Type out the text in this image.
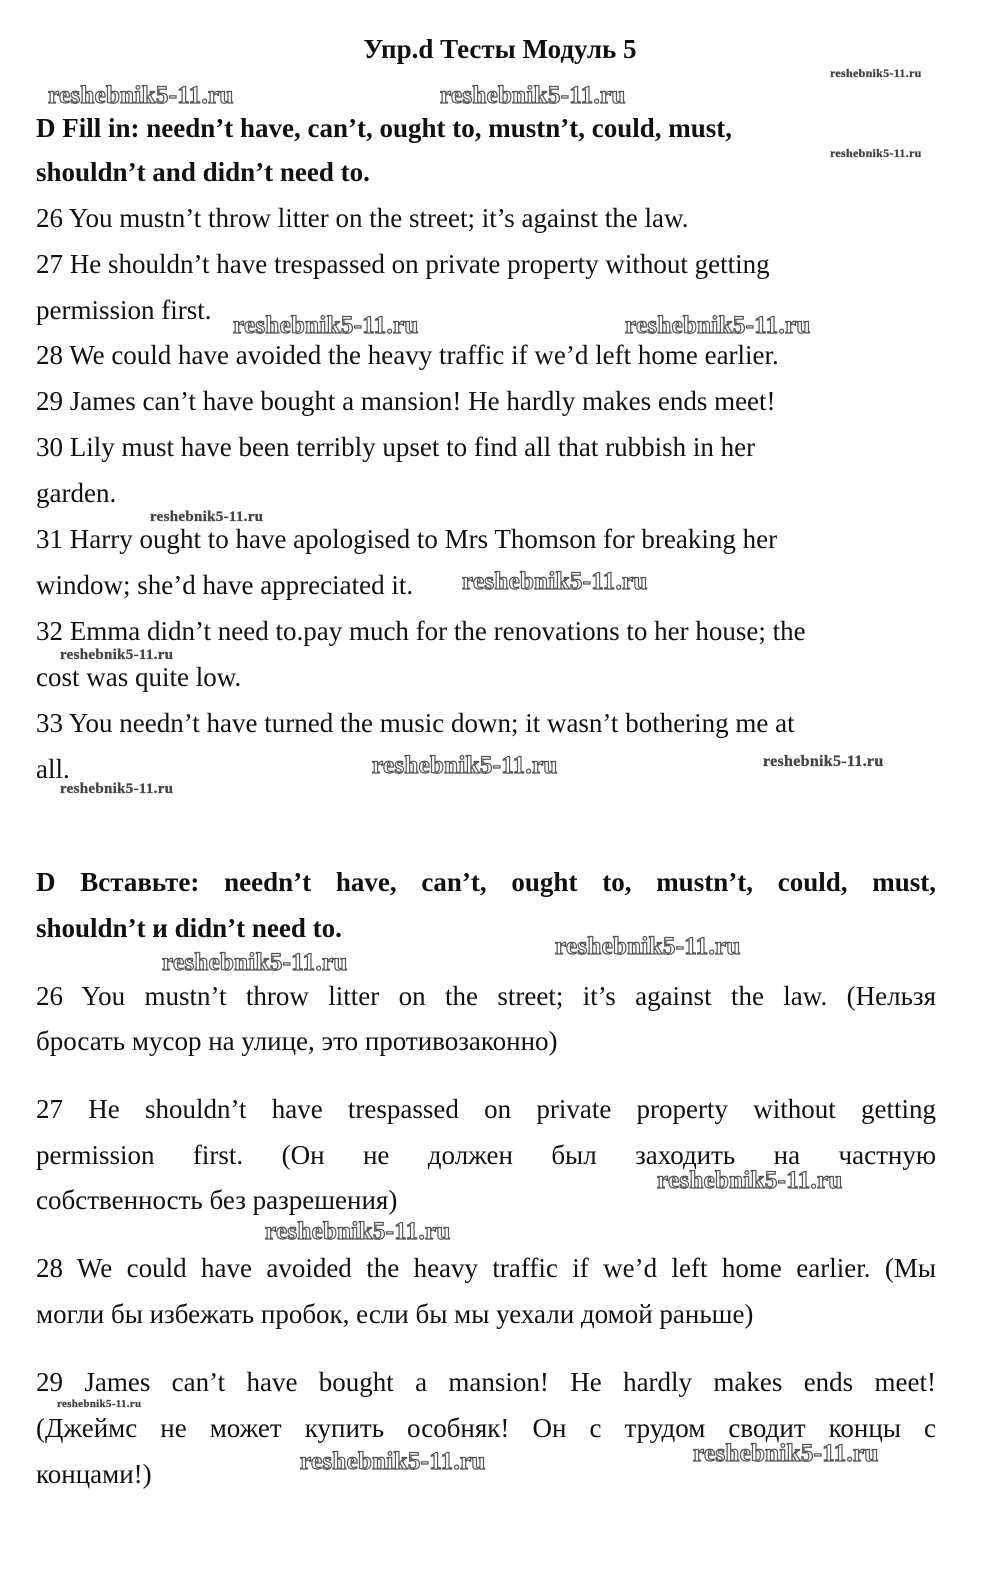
Упр.d Тесты Модуль 5
D Fill in: needn’t have, can’t, ought to, mustn’t, could, must,
shouldn’t and didn’t need to.
26 You mustn’t throw litter on the street; it’s against the law.
27 He shouldn’t have trespassed on private property without getting
permission first.
28 We could have avoided the heavy traffic if we’d left home earlier.
29 James can’t have bought a mansion! He hardly makes ends meet!
30 Lily must have been terribly upset to find all that rubbish in her
garden.
31 Harry ought to have apologised to Mrs Thomson for breaking her
window; she’d have appreciated it.
32 Emma didn’t need to.pay much for the renovations to her house; the
cost was quite low.
33 You needn’t have turned the music down; it wasn’t bothering me at
all.
D Вставьте: needn’t have, can’t, ought to, mustn’t, could, must,
shouldn’t и didn’t need to.
26 You mustn’t throw litter on the street; it’s against the law. (Нельзя
бросать мусор на улице, это противозаконно)
27 He shouldn’t have trespassed on private property without getting
permission first. (Он не должен был заходить на частную
собственность без разрешения)
28 We could have avoided the heavy traffic if we’d left home earlier. (Мы
могли бы избежать пробок, если бы мы уехали домой раньше)
29 James can’t have bought a mansion! He hardly makes ends meet!
(Джеймс не может купить особняк! Он с трудом сводит концы с
концами!)
reshebnik5-11.ru
reshebnik5-11.ru	reshebnik5-11.ru
reshebnik5-11.ru
reshebnik5-11.ru	reshebnik5-11.ru
reshebnik5-11.ru
reshebnik5-11.ru
reshebnik5-11.ru
reshebnik5-11.ru	reshebnik5-11.ru
reshebnik5-11.ru
reshebnik5-11.ru
reshebnik5-11.ru
reshebnik5-11.ru
reshebnik5-11.ru
reshebnik5-11.ru
reshebnik5-11.ru
reshebnik5-11.ru
